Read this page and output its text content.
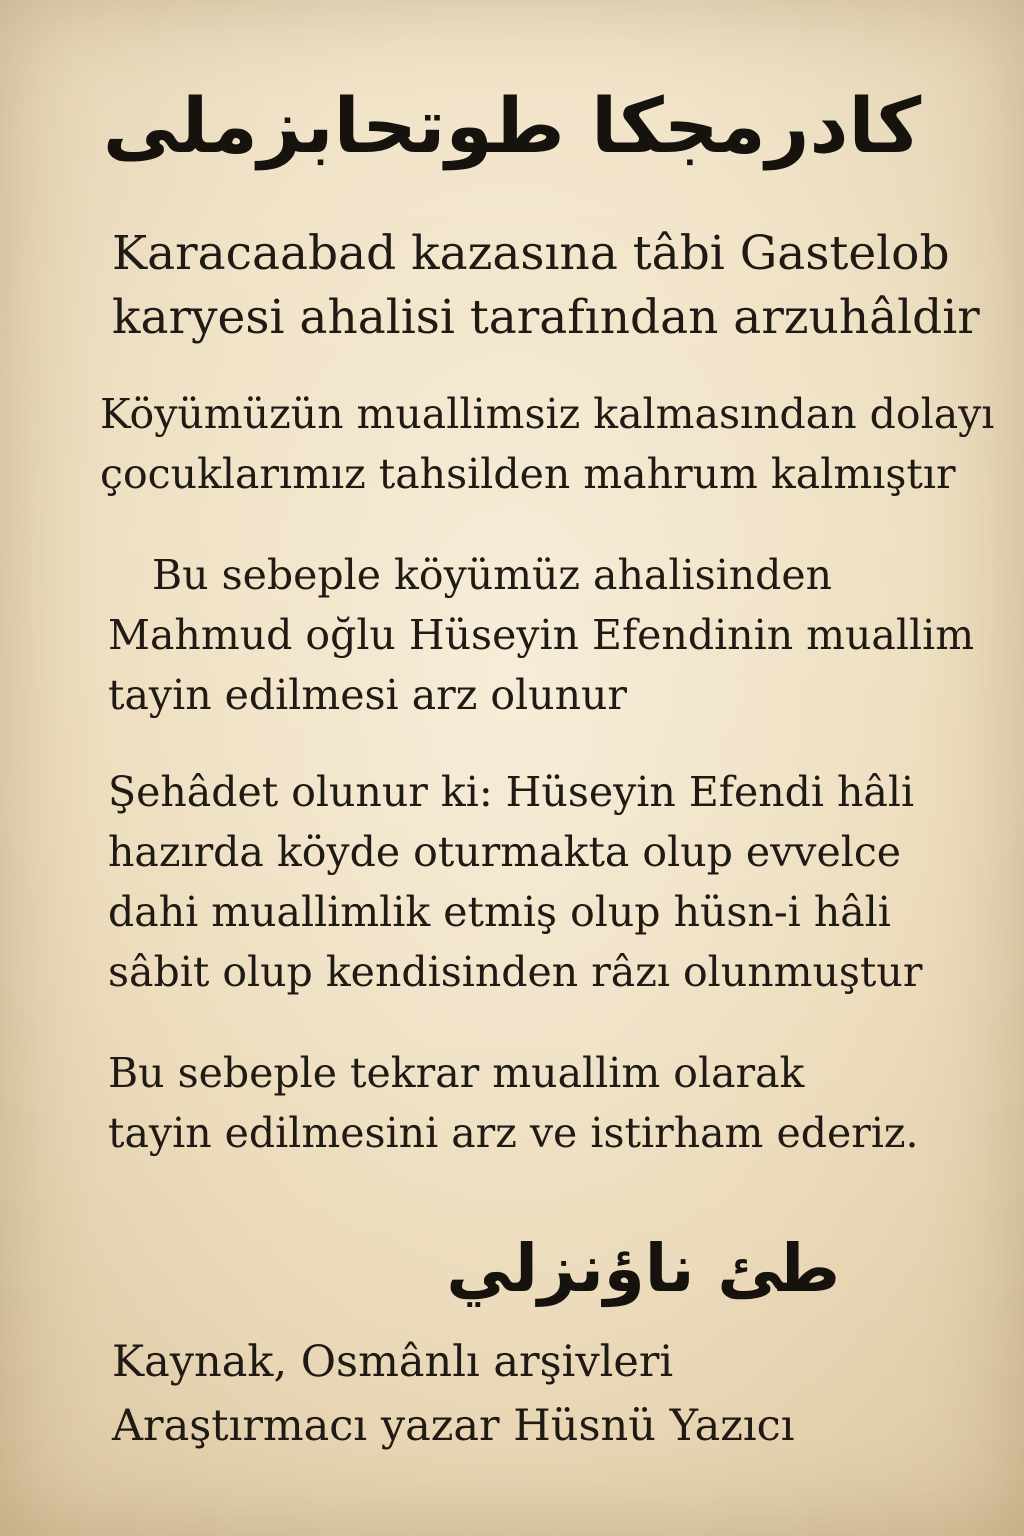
كادرمجکا طوتحابزملى
Karacaabad kazasına tâbi Gastelob
karyesi ahalisi tarafından arzuhâldir
Köyümüzün muallimsiz kalmasından dolayı
çocuklarımız tahsilden mahrum kalmıştır
Bu sebeple köyümüz ahalisinden
Mahmud oğlu Hüseyin Efendinin muallim
tayin edilmesi arz olunur
Şehâdet olunur ki: Hüseyin Efendi hâli
hazırda köyde oturmakta olup evvelce
dahi muallimlik etmiş olup hüsn-i hâli
sâbit olup kendisinden râzı olunmuştur
Bu sebeple tekrar muallim olarak
tayin edilmesini arz ve istirham ederiz.
طئ ناؤنزلي
Kaynak, Osmânlı arşivleri
Araştırmacı yazar Hüsnü Yazıcı
